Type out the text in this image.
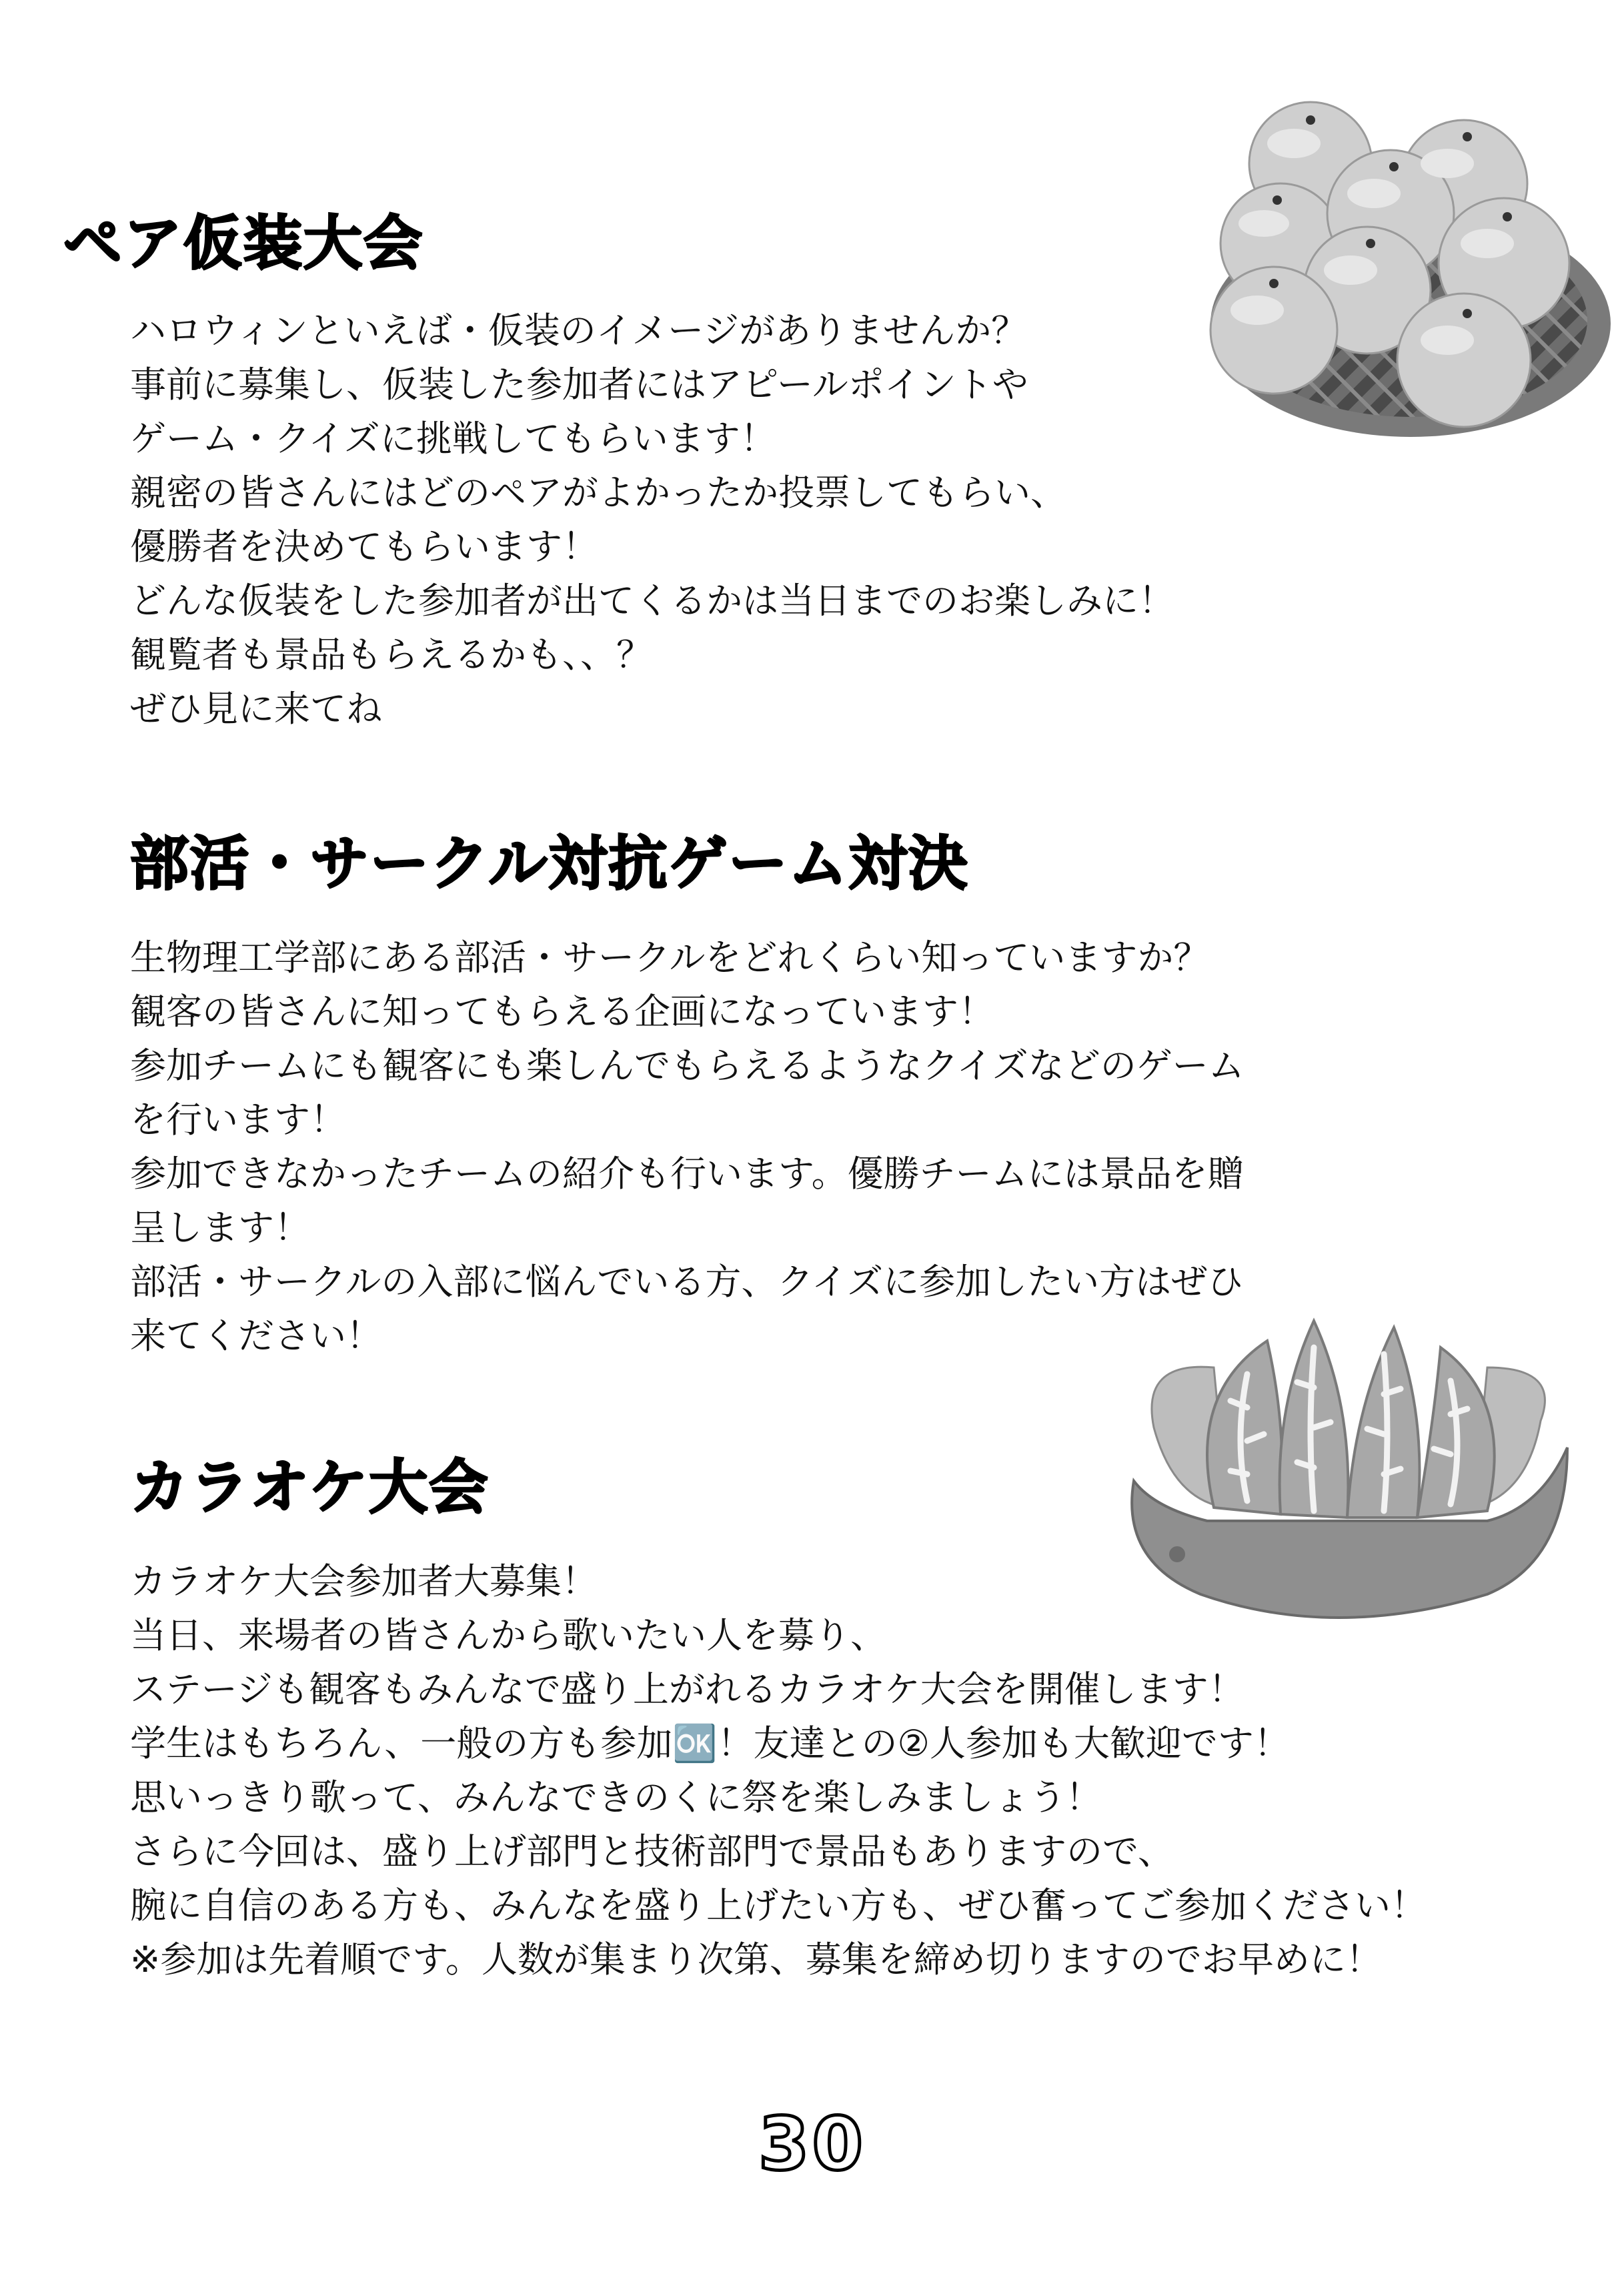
ペア仮装大会
ハロウィンといえば・仮装のイメージがありませんか？
事前に募集し、仮装した参加者にはアピールポイントや
ゲーム・クイズに挑戦してもらいます！
親密の皆さんにはどのペアがよかったか投票してもらい、
優勝者を決めてもらいます！
どんな仮装をした参加者が出てくるかは当日までのお楽しみに！
観覧者も景品もらえるかも、、？
ぜひ見に来てね
部活・サークル対抗ゲーム対決
生物理工学部にある部活・サークルをどれくらい知っていますか？
観客の皆さんに知ってもらえる企画になっています！
参加チームにも観客にも楽しんでもらえるようなクイズなどのゲーム
を行います！
参加できなかったチームの紹介も行います。優勝チームには景品を贈
呈します！
部活・サークルの入部に悩んでいる方、クイズに参加したい方はぜひ
来てください！
カラオケ大会
カラオケ大会参加者大募集！
当日、来場者の皆さんから歌いたい人を募り、
ステージも観客もみんなで盛り上がれるカラオケ大会を開催します！
学生はもちろん、一般の方も参加🆗！友達との②人参加も大歓迎です！
思いっきり歌って、みんなできのくに祭を楽しみましょう！
さらに今回は、盛り上げ部門と技術部門で景品もありますので、
腕に自信のある方も、みんなを盛り上げたい方も、ぜひ奮ってご参加ください！
※参加は先着順です。人数が集まり次第、募集を締め切りますのでお早めに！
30
